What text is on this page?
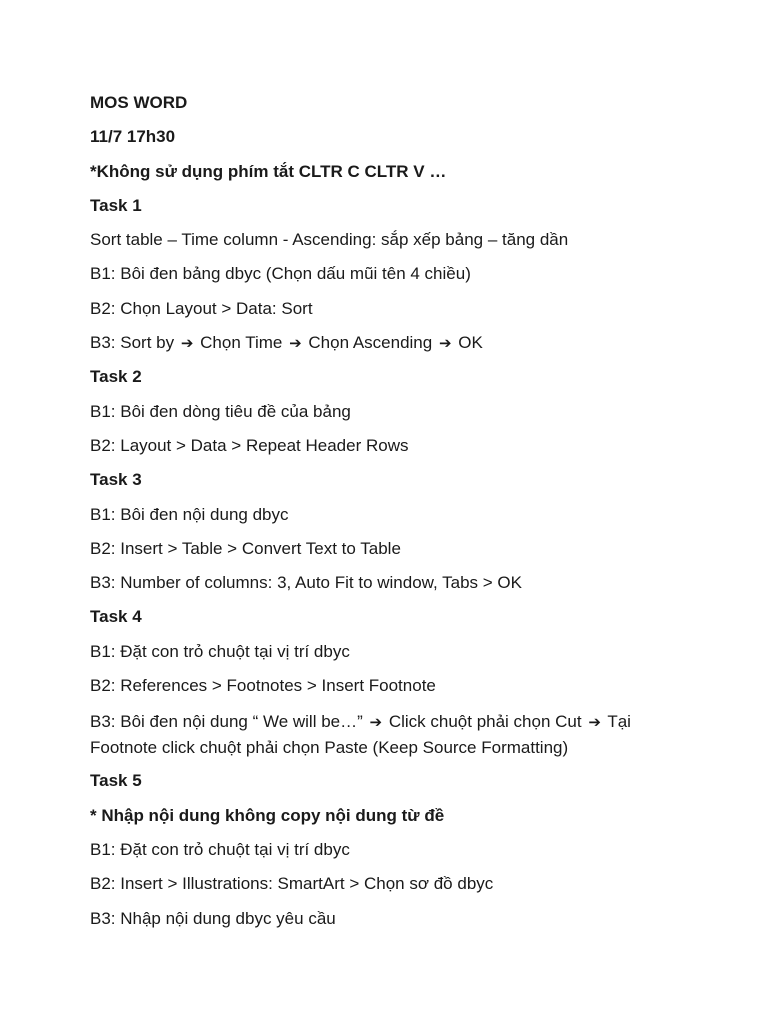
MOS WORD
11/7 17h30
*Không sử dụng phím tắt CLTR C CLTR V …
Task 1
Sort table – Time column - Ascending: sắp xếp bảng – tăng dần
B1: Bôi đen bảng dbyc (Chọn dấu mũi tên 4 chiều)
B2: Chọn Layout > Data: Sort
B3: Sort by ➔ Chọn Time ➔ Chọn Ascending ➔ OK
Task 2
B1: Bôi đen dòng tiêu đề của bảng
B2: Layout > Data > Repeat Header Rows
Task 3
B1: Bôi đen nội dung dbyc
B2: Insert > Table > Convert Text to Table
B3: Number of columns: 3, Auto Fit to window, Tabs > OK
Task 4
B1: Đặt con trỏ chuột tại vị trí dbyc
B2: References > Footnotes > Insert Footnote
B3: Bôi đen nội dung “ We will be…” ➔ Click chuột phải chọn Cut ➔ Tại Footnote click chuột phải chọn Paste (Keep Source Formatting)
Task 5
* Nhập nội dung không copy nội dung từ đề
B1: Đặt con trỏ chuột tại vị trí dbyc
B2: Insert > Illustrations: SmartArt > Chọn sơ đồ dbyc
B3: Nhập nội dung dbyc yêu cầu
